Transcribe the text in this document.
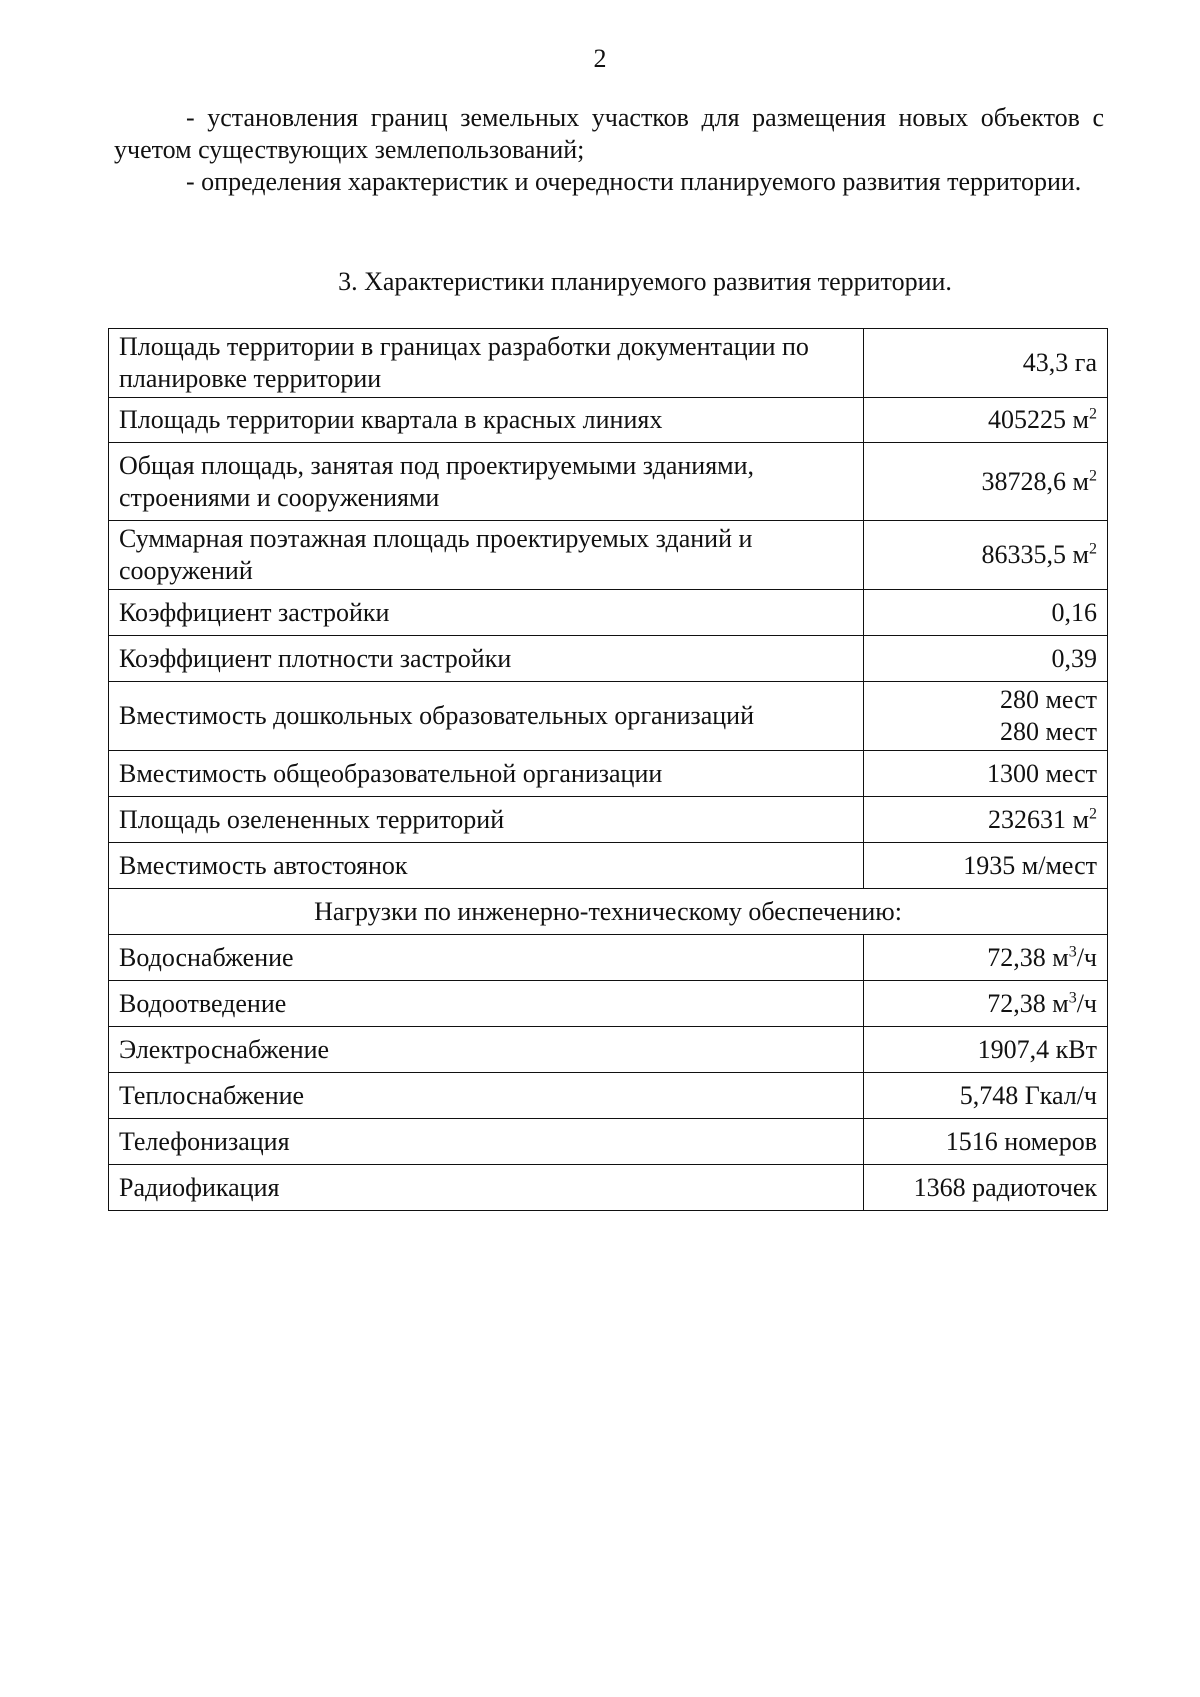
2

- установления границ земельных участков для размещения новых объектов с учетом существующих землепользований;

- определения характеристик и очередности планируемого развития территории.

3. Характеристики планируемого развития территории.
Площадь территории в границах разработки документации по планировке территории	43,3 га
Площадь территории квартала в красных линиях	405225 $м^2$
Общая площадь, занятая под проектируемыми зданиями, строениями и сооружениями	38728,6 $м^2$
Суммарная поэтажная площадь проектируемых зданий и сооружений	86335,5 $м^2$
Коэффициент застройки	0,16
Коэффициент плотности застройки	0,39
Вместимость дошкольных образовательных организаций	280 мест
280 мест

Вместимость общеобразовательной организации	1300 мест
Площадь озелененных территорий	232631 $м^2$
Вместимость автостоянок	1935 м/мест
Нагрузки по инженерно-техническому обеспечению:	
Водоснабжение	72,38 $м^3/ч$
Водоотведение	72,38 $м^3/ч$
Электроснабжение	1907,4 кВт
Теплоснабжение	5,748 Гкал/ч
Телефонизация	1516 номеров
Радиофикация	1368 радиоточек
